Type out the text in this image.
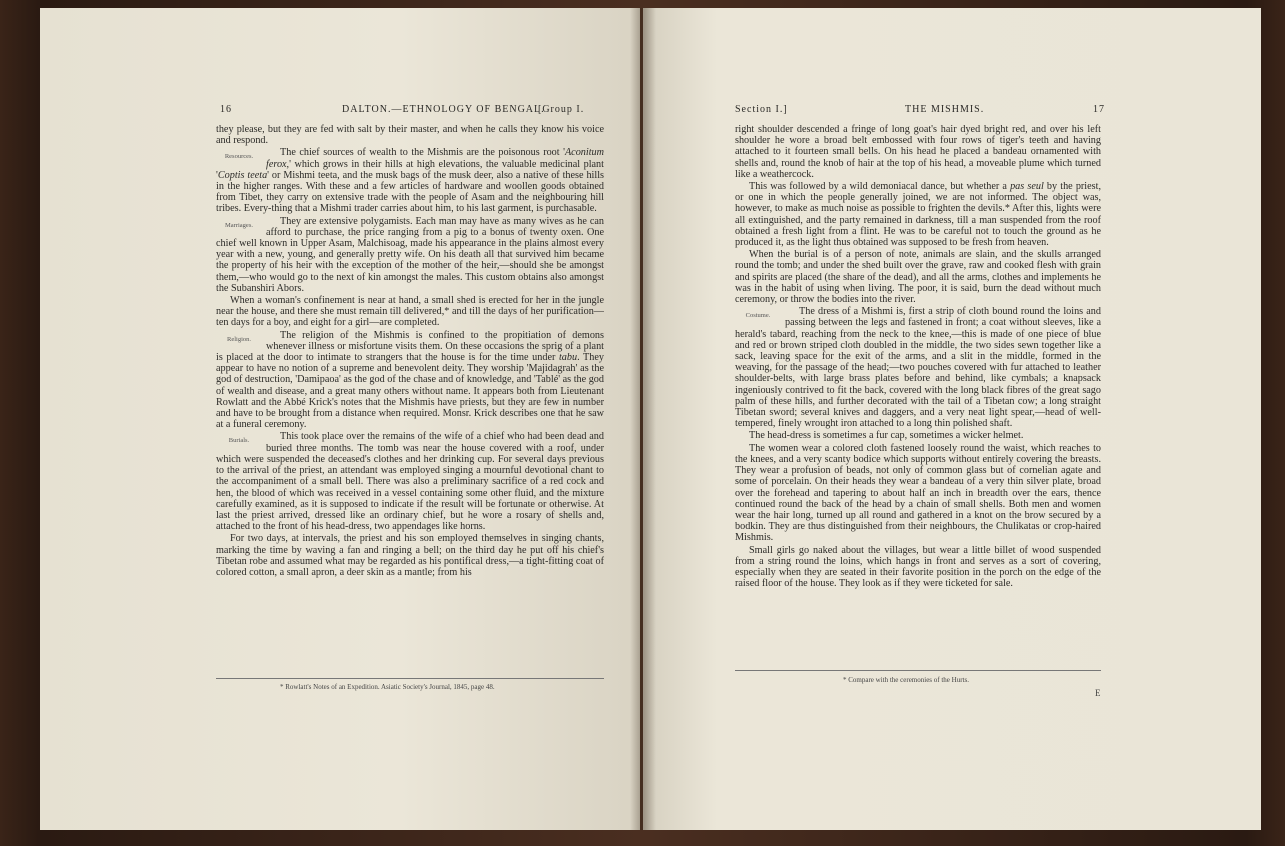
16	DALTON.—ETHNOLOGY OF BENGAL.
[Group I.

they please, but they are fed with salt by their master, and when he calls they know his voice and respond.

Resources.	The chief sources of wealth to the Mishmis are the poisonous root 'Aconitum ferox,' which grows in their hills at high elevations, the valuable medicinal plant 'Coptis teeta' or Mishmi teeta, and the musk bags of the musk deer, also a native of these hills in the higher ranges. With these and a few articles of hardware and woollen goods obtained from Tibet, they carry on extensive trade with the people of Asam and the neighbouring hill tribes. Every-thing that a Mishmi trader carries about him, to his last garment, is purchasable.

Marriages.	They are extensive polygamists. Each man may have as many wives as he can afford to purchase, the price ranging from a pig to a bonus of twenty oxen. One chief well known in Upper Asam, Malchisoag, made his appearance in the plains almost every year with a new, young, and generally pretty wife. On his death all that survived him became the property of his heir with the exception of the mother of the heir,—should she be amongst them,—who would go to the next of kin amongst the males. This custom obtains also amongst the Subanshiri Abors.

When a woman's confinement is near at hand, a small shed is erected for her in the jungle near the house, and there she must remain till delivered,* and till the days of her purification—ten days for a boy, and eight for a girl—are completed.

Religion.	The religion of the Mishmis is confined to the propitiation of demons whenever illness or misfortune visits them. On these occasions the sprig of a plant is placed at the door to intimate to strangers that the house is for the time under tabu. They appear to have no notion of a supreme and benevolent deity. They worship 'Majidagrah' as the god of destruction, 'Damipaoa' as the god of the chase and of knowledge, and 'Tablé' as the god of wealth and disease, and a great many others without name. It appears both from Lieutenant Rowlatt and the Abbé Krick's notes that the Mishmis have priests, but they are few in number and have to be brought from a distance when required. Monsr. Krick describes one that he saw at a funeral ceremony.

Burials.	This took place over the remains of the wife of a chief who had been dead and buried three months. The tomb was near the house covered with a roof, under which were suspended the deceased's clothes and her drinking cup. For several days previous to the arrival of the priest, an attendant was employed singing a mournful devotional chant to the accompaniment of a small bell. There was also a preliminary sacrifice of a red cock and hen, the blood of which was received in a vessel containing some other fluid, and the mixture carefully examined, as it is supposed to indicate if the result will be fortunate or otherwise. At last the priest arrived, dressed like an ordinary chief, but he wore a rosary of shells and, attached to the front of his head-dress, two appendages like horns.

For two days, at intervals, the priest and his son employed themselves in singing chants, marking the time by waving a fan and ringing a bell; on the third day he put off his chief's Tibetan robe and assumed what may be regarded as his pontifical dress,—a tight-fitting coat of colored cotton, a small apron, a deer skin as a mantle; from his

* Rowlatt's Notes of an Expedition. Asiatic Society's Journal, 1845, page 48.
Section I.]	THE MISHMIS.	17

right shoulder descended a fringe of long goat's hair dyed bright red, and over his left shoulder he wore a broad belt embossed with four rows of tiger's teeth and having attached to it fourteen small bells. On his head he placed a bandeau ornamented with shells and, round the knob of hair at the top of his head, a moveable plume which turned like a weathercock.

This was followed by a wild demoniacal dance, but whether a pas seul by the priest, or one in which the people generally joined, we are not informed. The object was, however, to make as much noise as possible to frighten the devils.* After this, lights were all extinguished, and the party remained in darkness, till a man suspended from the roof obtained a fresh light from a flint. He was to be careful not to touch the ground as he produced it, as the light thus obtained was supposed to be fresh from heaven.

When the burial is of a person of note, animals are slain, and the skulls arranged round the tomb; and under the shed built over the grave, raw and cooked flesh with grain and spirits are placed (the share of the dead), and all the arms, clothes and implements he was in the habit of using when living. The poor, it is said, burn the dead without much ceremony, or throw the bodies into the river.

Costume.	The dress of a Mishmi is, first a strip of cloth bound round the loins and passing between the legs and fastened in front; a coat without sleeves, like a herald's tabard, reaching from the neck to the knee,—this is made of one piece of blue and red or brown striped cloth doubled in the middle, the two sides sewn together like a sack, leaving space for the exit of the arms, and a slit in the middle, formed in the weaving, for the passage of the head;—two pouches covered with fur attached to leather shoulder-belts, with large brass plates before and behind, like cymbals; a knapsack ingeniously contrived to fit the back, covered with the long black fibres of the great sago palm of these hills, and further decorated with the tail of a Tibetan cow; a long straight Tibetan sword; several knives and daggers, and a very neat light spear,—head of well-tempered, finely wrought iron attached to a long thin polished shaft.

The head-dress is sometimes a fur cap, sometimes a wicker helmet.

The women wear a colored cloth fastened loosely round the waist, which reaches to the knees, and a very scanty bodice which supports without entirely covering the breasts. They wear a profusion of beads, not only of common glass but of cornelian agate and some of porcelain. On their heads they wear a bandeau of a very thin silver plate, broad over the forehead and tapering to about half an inch in breadth over the ears, thence continued round the back of the head by a chain of small shells. Both men and women wear the hair long, turned up all round and gathered in a knot on the brow secured by a bodkin. They are thus distinguished from their neighbours, the Chulikatas or crop-haired Mishmis.

Small girls go naked about the villages, but wear a little billet of wood suspended from a string round the loins, which hangs in front and serves as a sort of covering, especially when they are seated in their favorite position in the porch on the edge of the raised floor of the house. They look as if they were ticketed for sale.

* Compare with the ceremonies of the Hurts.
E
